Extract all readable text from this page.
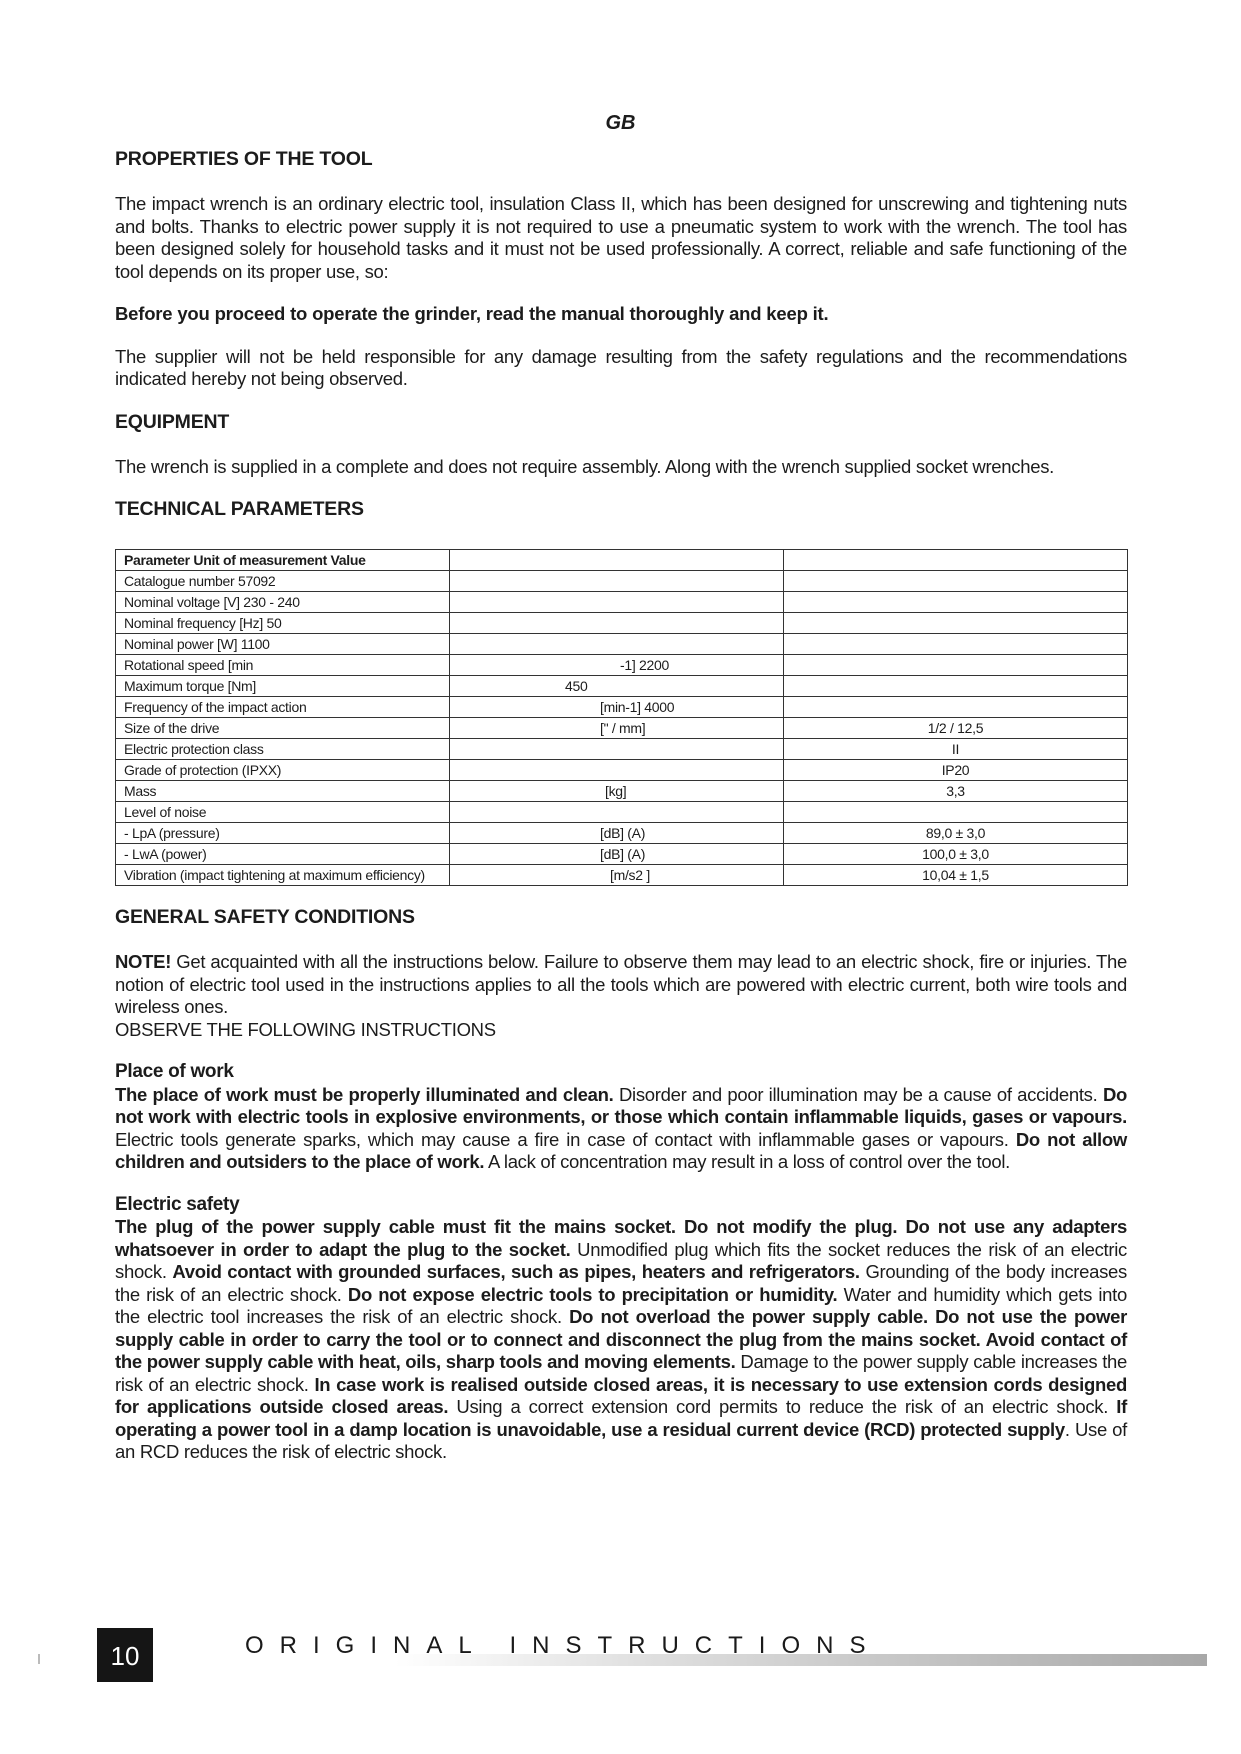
GB
PROPERTIES OF THE TOOL

The impact wrench is an ordinary electric tool, insulation Class II, which has been designed for unscrewing and tightening nuts and bolts. Thanks to electric power supply it is not required to use a pneumatic system to work with the wrench. The tool has been designed solely for household tasks and it must not be used professionally. A correct, reliable and safe functioning of the tool depends on its proper use, so:

Before you proceed to operate the grinder, read the manual thoroughly and keep it.

The supplier will not be held responsible for any damage resulting from the safety regulations and the recommendations indicated hereby not being observed.

EQUIPMENT

The wrench is supplied in a complete and does not require assembly. Along with the wrench supplied socket wrenches.

TECHNICAL PARAMETERS
Parameter Unit of measurement Value		
Catalogue number 57092		
Nominal voltage [V] 230 - 240		
Nominal frequency [Hz] 50		
Nominal power [W] 1100		
Rotational speed [min	-1] 2200	
Maximum torque [Nm]	450	
Frequency of the impact action	[min-1] 4000	
Size of the drive	[" / mm]	1/2 / 12,5
Electric protection class		II
Grade of protection (IPXX)		IP20
Mass	[kg]	3,3
Level of noise		
- LpA (pressure)	[dB] (A)	89,0 ± 3,0
- LwA (power)	[dB] (A)	100,0 ± 3,0
Vibration (impact tightening at maximum efficiency)	[m/s2 ]	10,04 ± 1,5
GENERAL SAFETY CONDITIONS

NOTE! Get acquainted with all the instructions below. Failure to observe them may lead to an electric shock, fire or injuries. The notion of electric tool used in the instructions applies to all the tools which are powered with electric current, both wire tools and wireless ones.

OBSERVE THE FOLLOWING INSTRUCTIONS

Place of work

The place of work must be properly illuminated and clean. Disorder and poor illumination may be a cause of accidents. Do not work with electric tools in explosive environments, or those which contain inflammable liquids, gases or vapours. Electric tools generate sparks, which may cause a fire in case of contact with inflammable gases or vapours. Do not allow children and outsiders to the place of work. A lack of concentration may result in a loss of control over the tool.

Electric safety

The plug of the power supply cable must fit the mains socket. Do not modify the plug. Do not use any adapters whatsoever in order to adapt the plug to the socket. Unmodified plug which fits the socket reduces the risk of an electric shock. Avoid contact with grounded surfaces, such as pipes, heaters and refrigerators. Grounding of the body increases the risk of an electric shock. Do not expose electric tools to precipitation or humidity. Water and humidity which gets into the electric tool increases the risk of an electric shock. Do not overload the power supply cable. Do not use the power supply cable in order to carry the tool or to connect and disconnect the plug from the mains socket. Avoid contact of the power supply cable with heat, oils, sharp tools and moving elements. Damage to the power supply cable increases the risk of an electric shock. In case work is realised outside closed areas, it is necessary to use extension cords designed for applications outside closed areas. Using a correct extension cord permits to reduce the risk of an electric shock. If operating a power tool in a damp location is unavoidable, use a residual current device (RCD) protected supply. Use of an RCD reduces the risk of electric shock.

10	ORIGINAL INSTRUCTIONS
